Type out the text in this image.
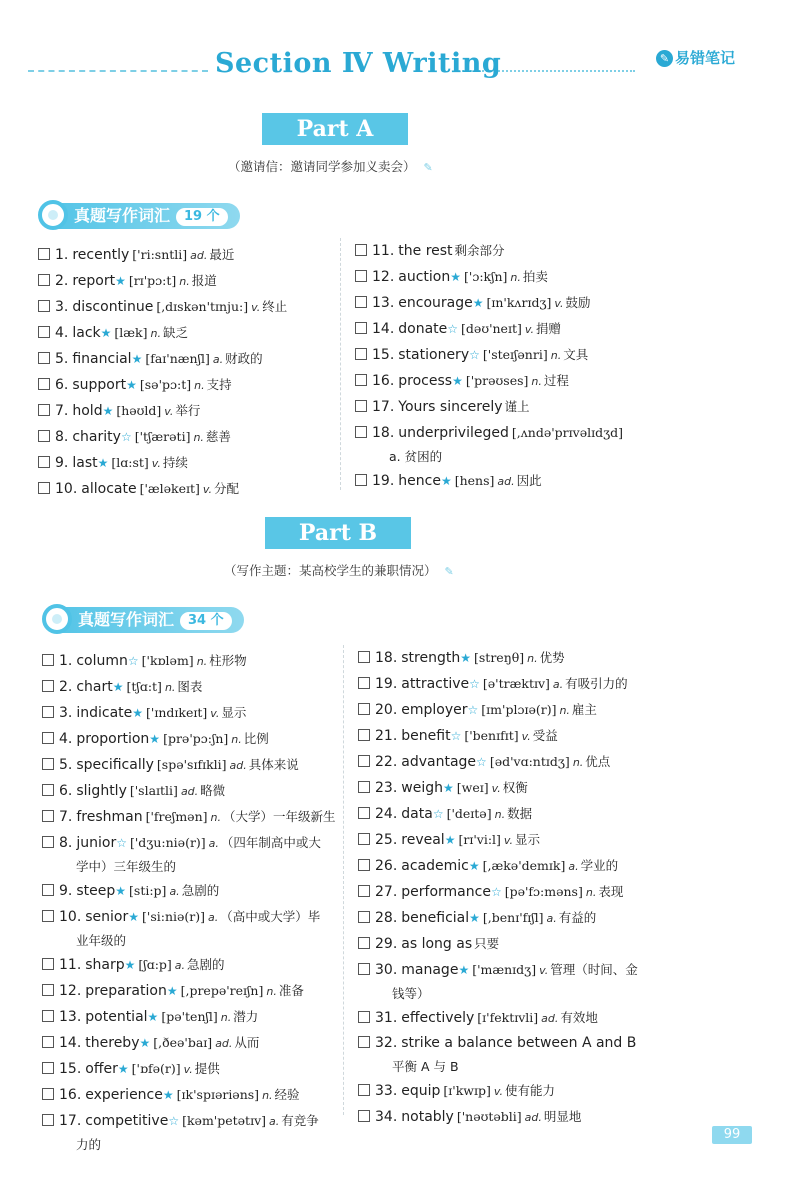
Section Ⅳ Writing	✎ 易错笔记
Part A
（邀请信：邀请同学参加义卖会） ✎
真题写作词汇 19 个
1. recently ['ri:sntli] ad. 最近
2. report★ [rɪ'pɔ:t] n. 报道
3. discontinue [,dɪskən'tɪnju:] v. 终止
4. lack★ [læk] n. 缺乏
5. financial★ [faɪ'nænʃl] a. 财政的
6. support★ [sə'pɔ:t] n. 支持
7. hold★ [həʊld] v. 举行
8. charity☆ ['tʃærəti] n. 慈善
9. last★ [lɑ:st] v. 持续
10. allocate ['æləkeɪt] v. 分配
11. the rest 剩余部分
12. auction★ ['ɔ:kʃn] n. 拍卖
13. encourage★ [ɪn'kʌrɪdʒ] v. 鼓励
14. donate☆ [dəʊ'neɪt] v. 捐赠
15. stationery☆ ['steɪʃənri] n. 文具
16. process★ ['prəʊses] n. 过程
17. Yours sincerely 谨上
18. underprivileged [,ʌndə'prɪvəlɪdʒd]
a. 贫困的
19. hence★ [hens] ad. 因此
Part B
（写作主题：某高校学生的兼职情况） ✎
真题写作词汇 34 个
1. column☆ ['kɒləm] n. 柱形物
2. chart★ [tʃɑ:t] n. 图表
3. indicate★ ['ɪndɪkeɪt] v. 显示
4. proportion★ [prə'pɔ:ʃn] n. 比例
5. specifically [spə'sɪfɪkli] ad. 具体来说
6. slightly ['slaɪtli] ad. 略微
7. freshman ['freʃmən] n. （大学）一年级新生
8. junior☆ ['dʒu:niə(r)] a. （四年制高中或大
学中）三年级生的
9. steep★ [sti:p] a. 急剧的
10. senior★ ['si:niə(r)] a. （高中或大学）毕
业年级的
11. sharp★ [ʃɑ:p] a. 急剧的
12. preparation★ [,prepə'reɪʃn] n. 准备
13. potential★ [pə'tenʃl] n. 潜力
14. thereby★ [,ðeə'baɪ] ad. 从而
15. offer★ ['ɒfə(r)] v. 提供
16. experience★ [ɪk'spɪəriəns] n. 经验
17. competitive☆ [kəm'petətɪv] a. 有竞争
力的
18. strength★ [streŋθ] n. 优势
19. attractive☆ [ə'træktɪv] a. 有吸引力的
20. employer☆ [ɪm'plɔɪə(r)] n. 雇主
21. benefit☆ ['benɪfɪt] v. 受益
22. advantage☆ [əd'vɑ:ntɪdʒ] n. 优点
23. weigh★ [weɪ] v. 权衡
24. data☆ ['deɪtə] n. 数据
25. reveal★ [rɪ'vi:l] v. 显示
26. academic★ [,ækə'demɪk] a. 学业的
27. performance☆ [pə'fɔ:məns] n. 表现
28. beneficial★ [,benɪ'fɪʃl] a. 有益的
29. as long as 只要
30. manage★ ['mænɪdʒ] v. 管理（时间、金
钱等）
31. effectively [ɪ'fektɪvli] ad. 有效地
32. strike a balance between A and B
平衡 A 与 B
33. equip [ɪ'kwɪp] v. 使有能力
34. notably ['nəʊtəbli] ad. 明显地
99
